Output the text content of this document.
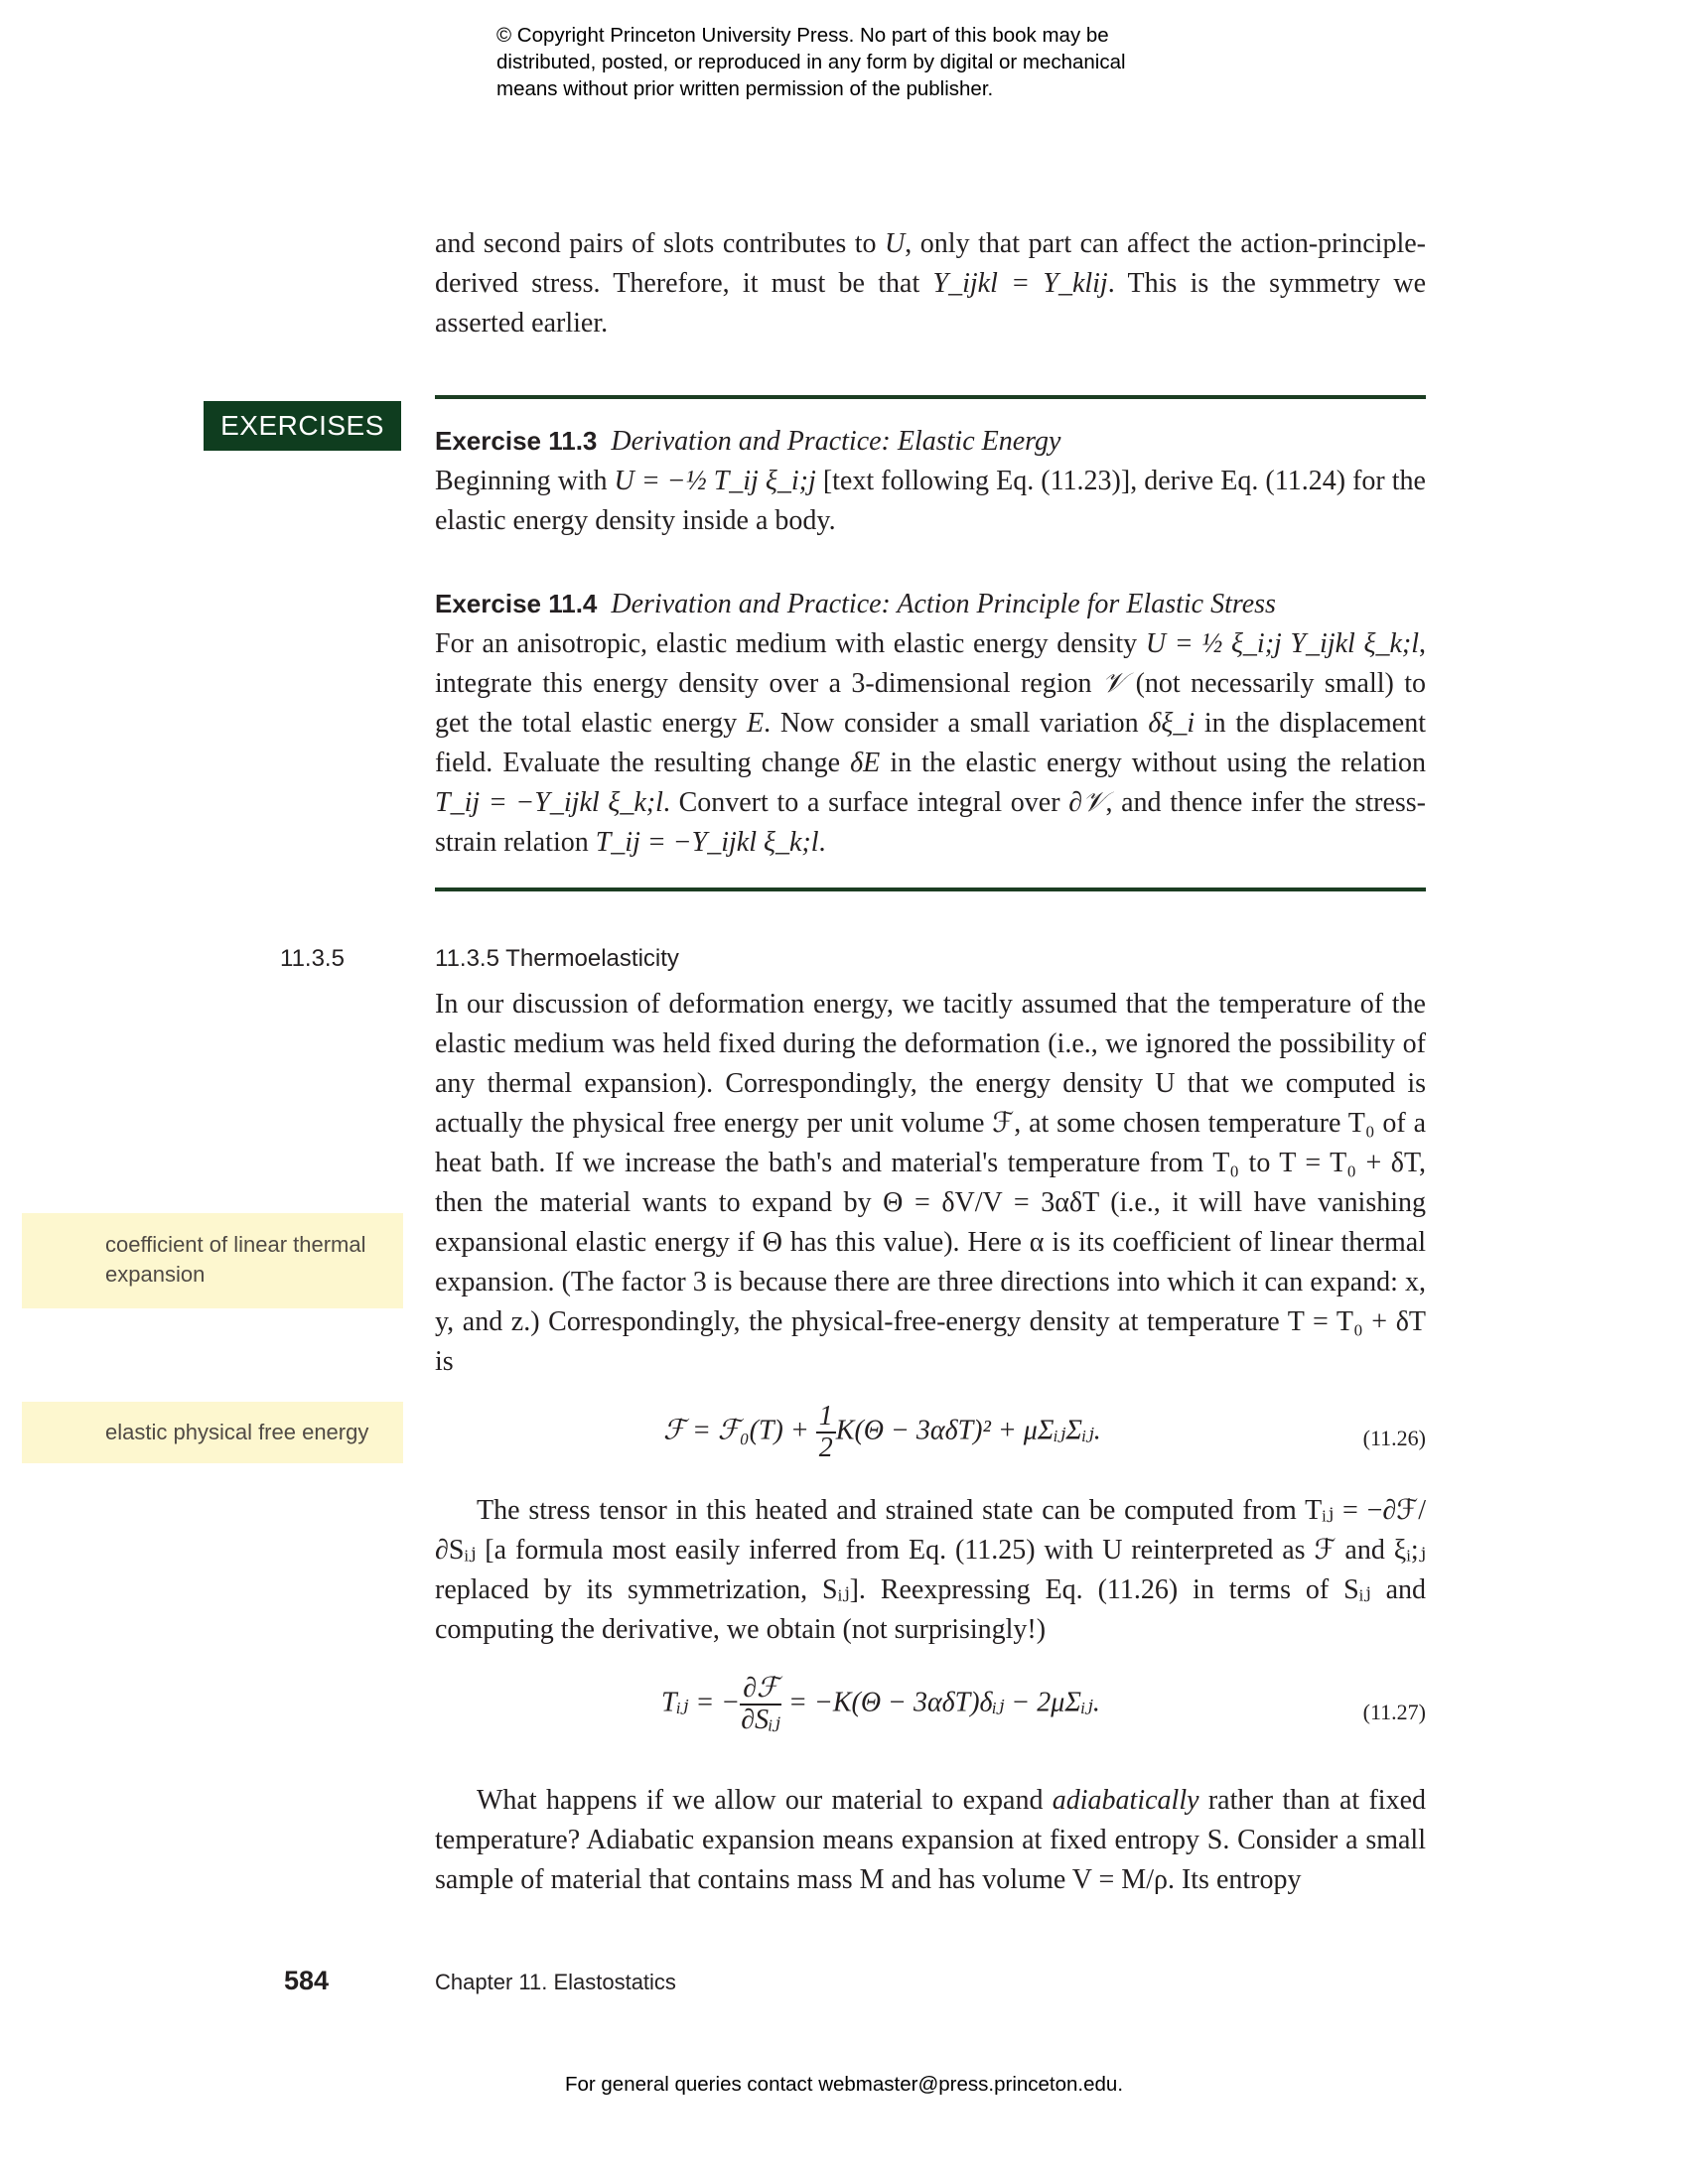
© Copyright Princeton University Press. No part of this book may be
distributed, posted, or reproduced in any form by digital or mechanical
means without prior written permission of the publisher.
and second pairs of slots contributes to U, only that part can affect the action-principle-derived stress. Therefore, it must be that Y_ijkl = Y_klij. This is the symmetry we asserted earlier.
EXERCISES	Exercise 11.3 Derivation and Practice: Elastic Energy
Beginning with U = −½ T_ij ξ_i;j [text following Eq. (11.23)], derive Eq. (11.24) for the elastic energy density inside a body.
Exercise 11.4 Derivation and Practice: Action Principle for Elastic Stress
For an anisotropic, elastic medium with elastic energy density U = ½ ξ_i;j Y_ijkl ξ_k;l, integrate this energy density over a 3-dimensional region 𝒱 (not necessarily small) to get the total elastic energy E. Now consider a small variation δξ_i in the displacement field. Evaluate the resulting change δE in the elastic energy without using the relation T_ij = −Y_ijkl ξ_k;l. Convert to a surface integral over ∂𝒱, and thence infer the stress-strain relation T_ij = −Y_ijkl ξ_k;l.
11.3.5	11.3.5 Thermoelasticity
coefficient of linear thermal expansion
elastic physical free energy
In our discussion of deformation energy, we tacitly assumed that the temperature of the elastic medium was held fixed during the deformation (i.e., we ignored the possibility of any thermal expansion). Correspondingly, the energy density U that we computed is actually the physical free energy per unit volume ℱ, at some chosen temperature T₀ of a heat bath. If we increase the bath's and material's temperature from T₀ to T = T₀ + δT, then the material wants to expand by Θ = δV/V = 3αδT (i.e., it will have vanishing expansional elastic energy if Θ has this value). Here α is its coefficient of linear thermal expansion. (The factor 3 is because there are three directions into which it can expand: x, y, and z.) Correspondingly, the physical-free-energy density at temperature T = T₀ + δT is
ℱ = ℱ₀(T) + $\frac{1}{2} K(\Theta - 3\alpha\delta T)^2$ + μΣᵢⱼΣᵢⱼ.	(11.26)
The stress tensor in this heated and strained state can be computed from Tᵢⱼ = −∂ℱ/∂Sᵢⱼ [a formula most easily inferred from Eq. (11.25) with U reinterpreted as ℱ and ξᵢ;ⱼ replaced by its symmetrization, Sᵢⱼ]. Reexpressing Eq. (11.26) in terms of Sᵢⱼ and computing the derivative, we obtain (not surprisingly!)
Tᵢⱼ = − $\frac{\text{∂ℱ}}{\text{∂Sᵢⱼ}} = -K(\Theta$ − 3αδT)δᵢⱼ − 2μΣᵢⱼ.	(11.27)
What happens if we allow our material to expand adiabatically rather than at fixed temperature? Adiabatic expansion means expansion at fixed entropy S. Consider a small sample of material that contains mass M and has volume V = M/ρ. Its entropy
584	Chapter 11. Elastostatics
For general queries contact webmaster@press.princeton.edu.
